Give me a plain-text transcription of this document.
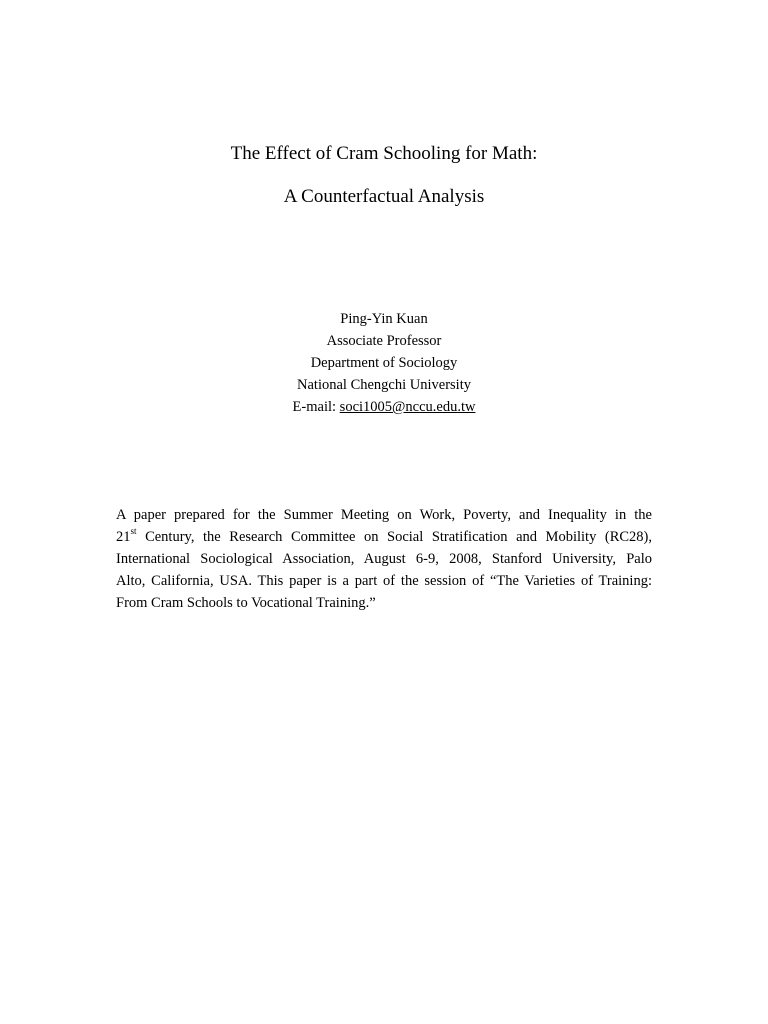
The Effect of Cram Schooling for Math:
A Counterfactual Analysis
Ping-Yin Kuan
Associate Professor
Department of Sociology
National Chengchi University
E-mail: soci1005@nccu.edu.tw
A paper prepared for the Summer Meeting on Work, Poverty, and Inequality in the
21st Century, the Research Committee on Social Stratification and Mobility (RC28),
International Sociological Association, August 6-9, 2008, Stanford University, Palo
Alto, California, USA. This paper is a part of the session of “The Varieties of Training:
From Cram Schools to Vocational Training.”
